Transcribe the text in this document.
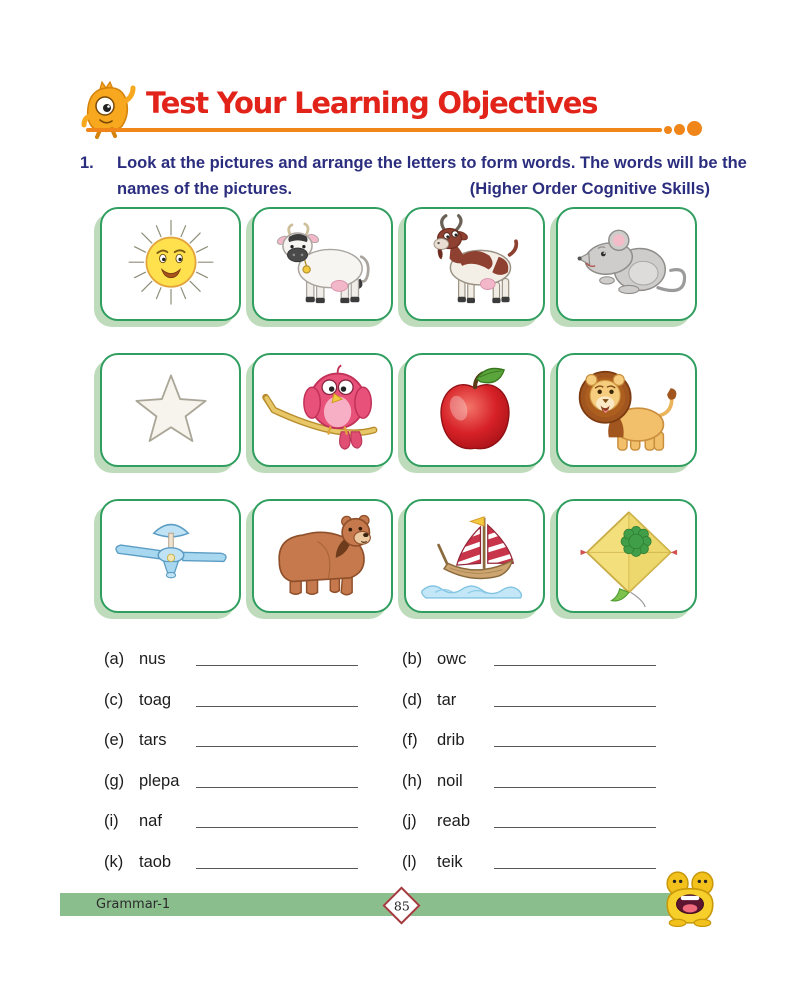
Test Your Learning Objectives
1. Look at the pictures and arrange the letters to form words. The words will be the
names of the pictures.	(Higher Order Cognitive Skills)
(a) nus	(b) owc
(c) toag	(d) tar
(e) tars	(f)	drib
(g) plepa	(h) noil
(i)	naf	(j)	reab
(k) taob	(l)	teik
Grammar-1	85
